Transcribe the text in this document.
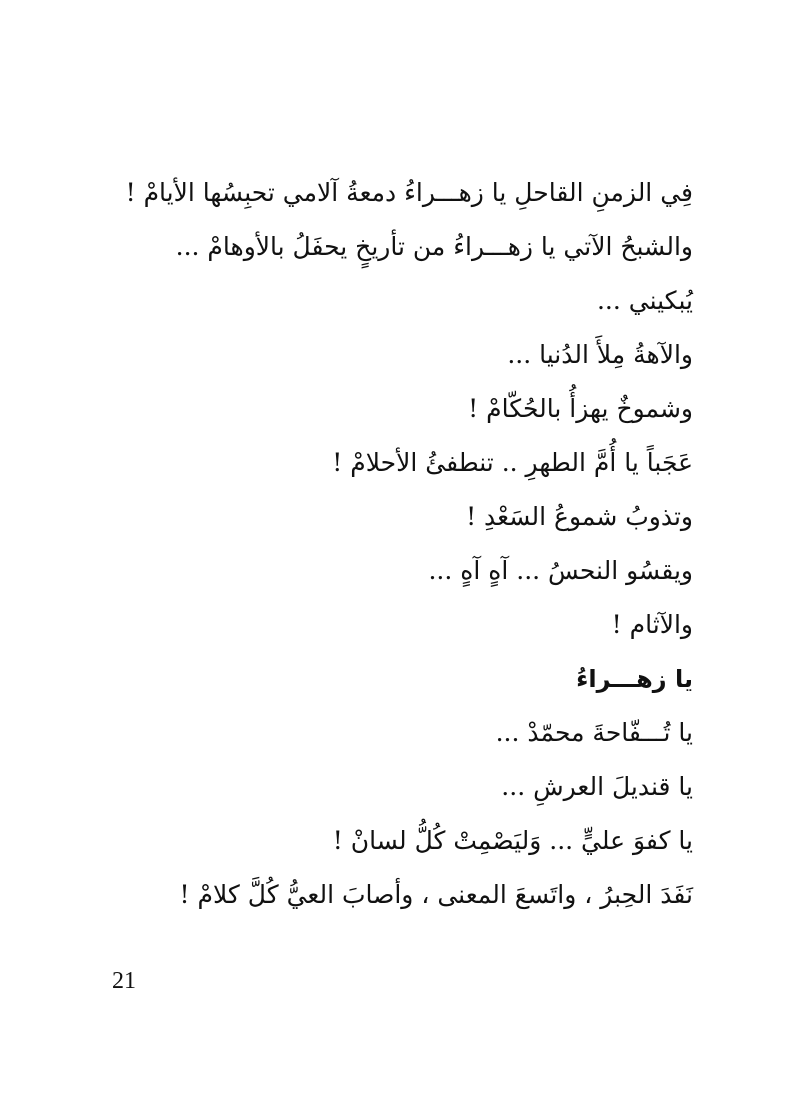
فِي الزمنِ القاحلِ يا زهـــراءُ دمعةُ آلامي تحبِسُها الأيامْ !
والشبحُ الآتي يا زهـــراءُ من تأريخٍ يحفَلُ بالأوهامْ ...
يُبكيني ...
والآهةُ مِلأَ الدُنيا ...
وشموخٌ يهزأُ بالحُكّامْ !
عَجَباً يا أُمَّ الطهرِ .. تنطفئُ الأحلامْ !
وتذوبُ شموعُ السَعْدِ !
ويقسُو النحسُ ... آهٍ آهٍ ...
والآثام !
يا زهـــراءُ
يا تُـــفّاحةَ محمّدْ ...
يا قنديلَ العرشِ ...
يا كفوَ عليٍّ ... وَليَصْمِتْ كُلُّ لسانْ !
نَفَدَ الحِبرُ ، واتَسعَ المعنى ، وأصابَ العيُّ كُلَّ كلامْ !
21
